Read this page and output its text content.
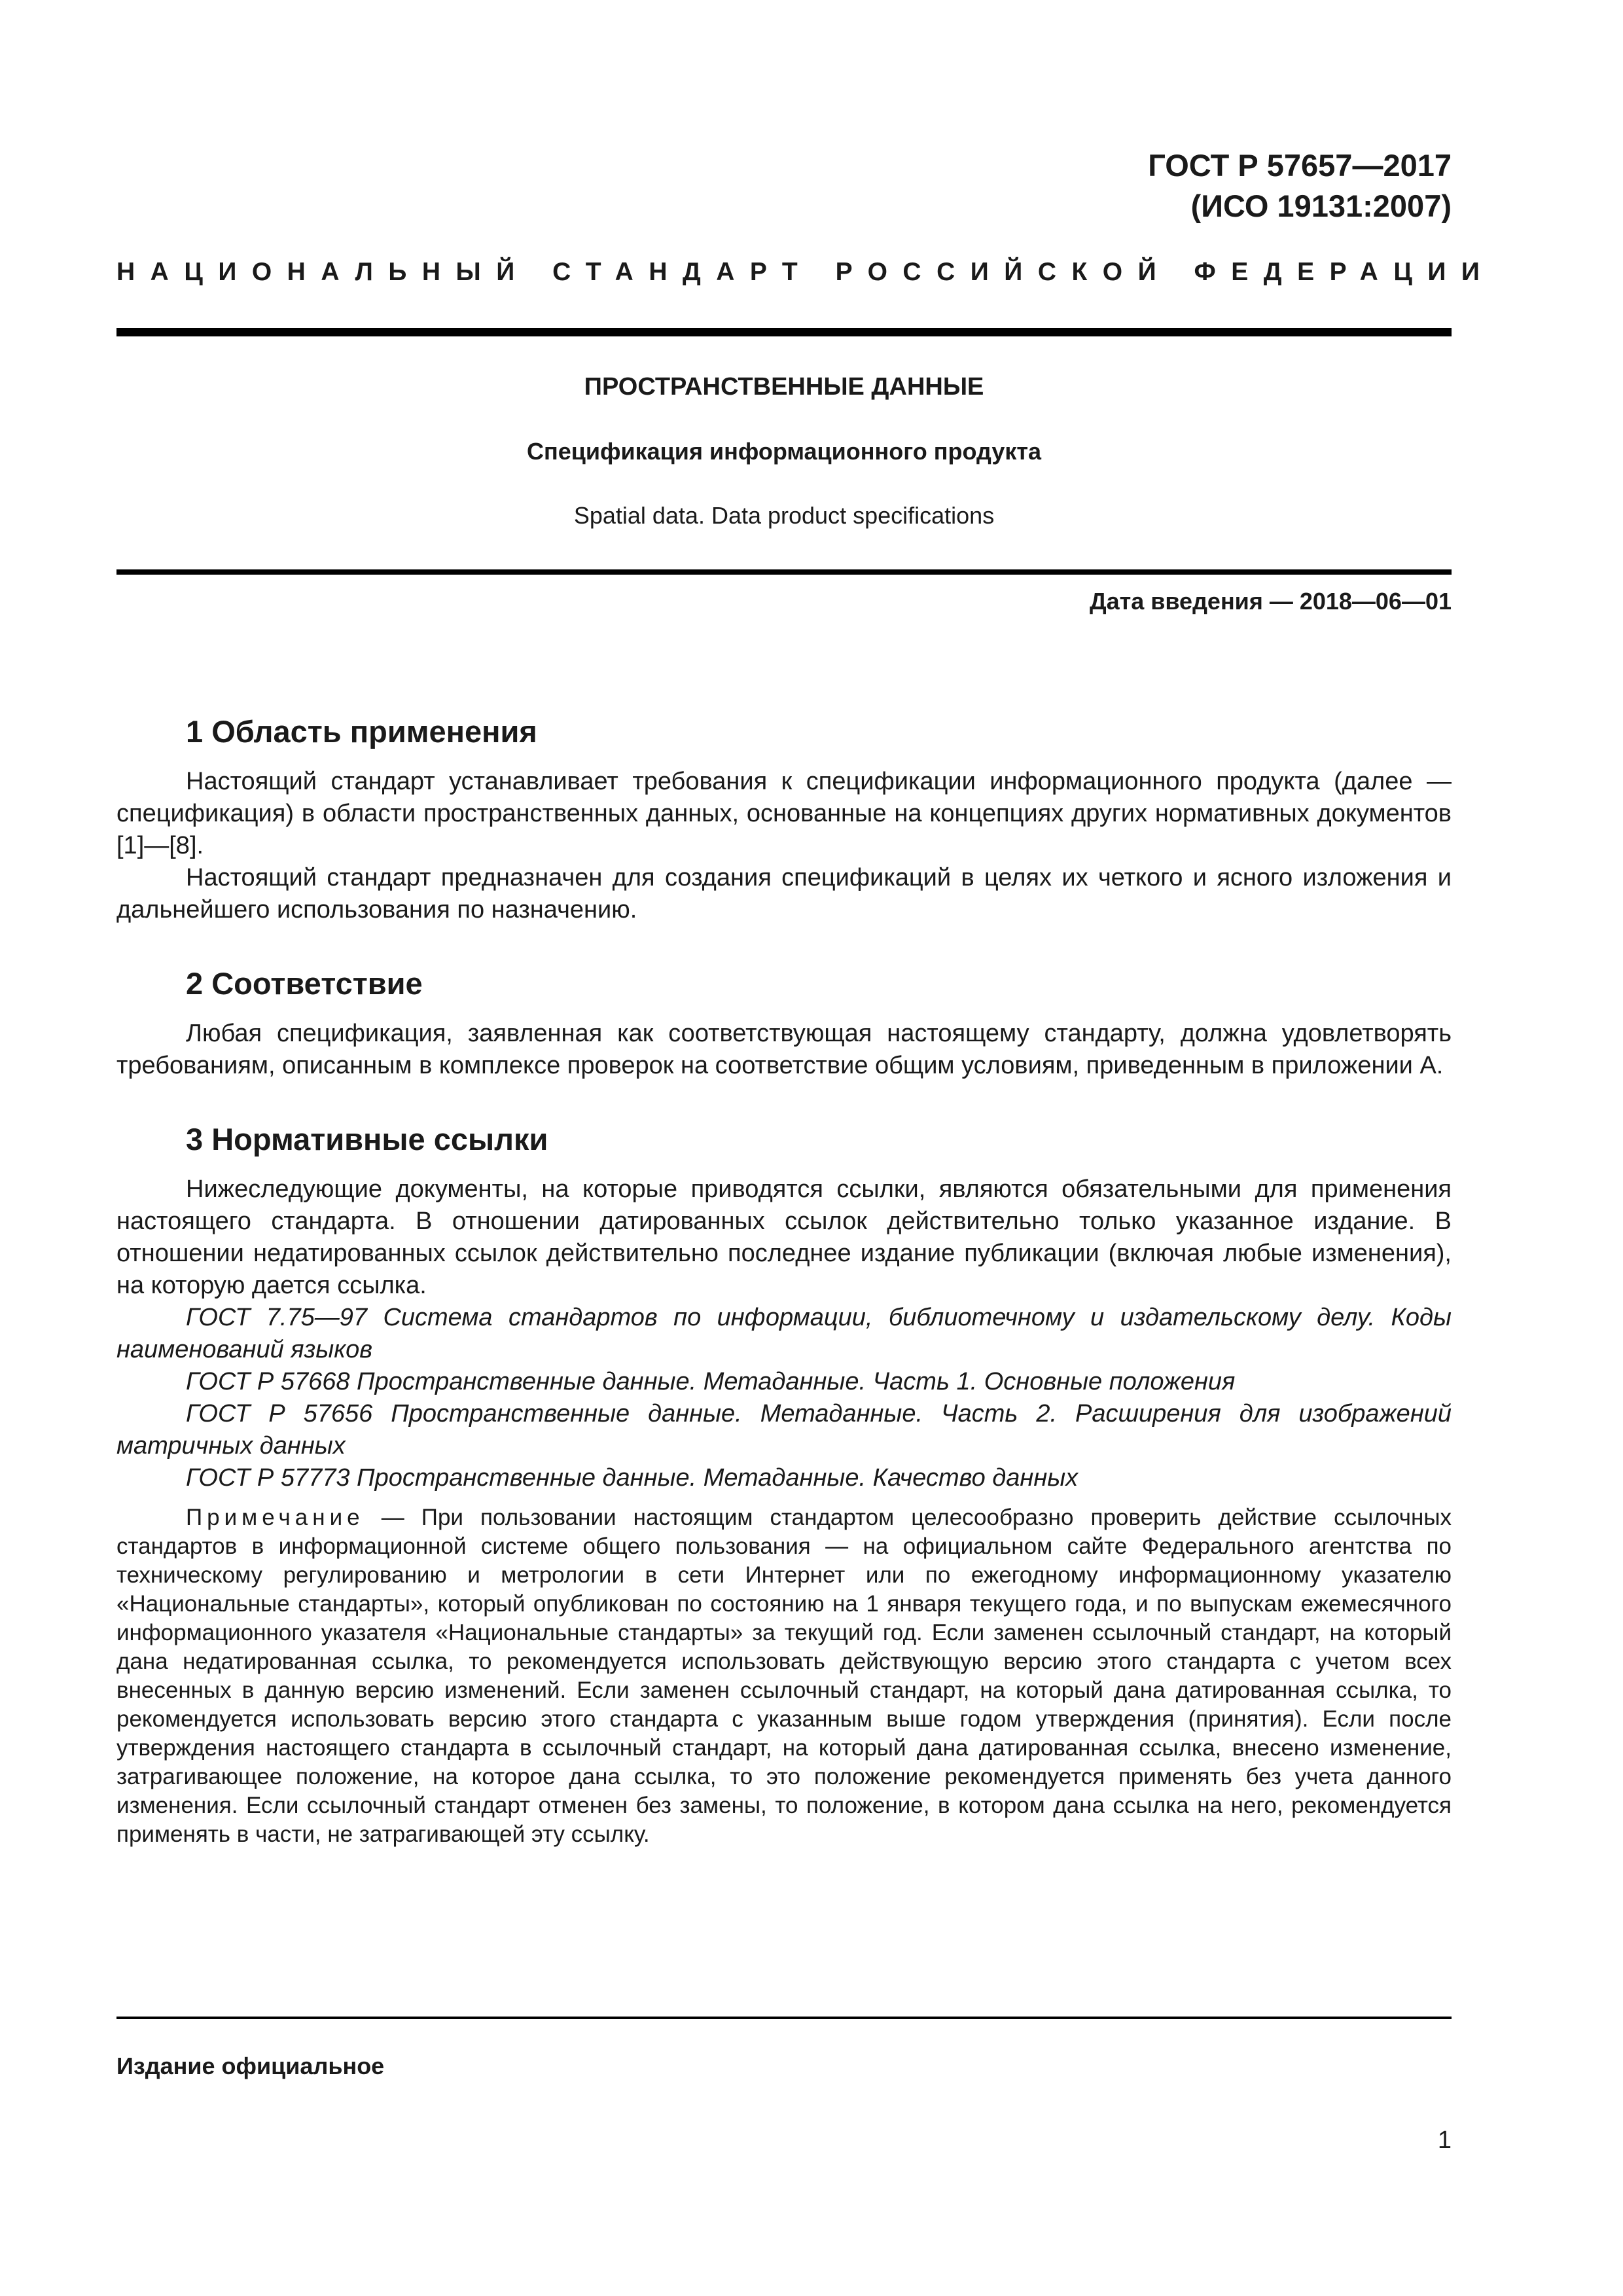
ГОСТ Р 57657—2017
(ИСО 19131:2007)
НАЦИОНАЛЬНЫЙ СТАНДАРТ РОССИЙСКОЙ ФЕДЕРАЦИИ
ПРОСТРАНСТВЕННЫЕ ДАННЫЕ
Спецификация информационного продукта
Spatial data. Data product specifications
Дата введения — 2018—06—01
1 Область применения

Настоящий стандарт устанавливает требования к спецификации информационного продукта (далее — спецификация) в области пространственных данных, основанные на концепциях других нормативных документов [1]—[8].

Настоящий стандарт предназначен для создания спецификаций в целях их четкого и ясного изложения и дальнейшего использования по назначению.

2 Соответствие

Любая спецификация, заявленная как соответствующая настоящему стандарту, должна удовлетворять требованиям, описанным в комплексе проверок на соответствие общим условиям, приведенным в приложении А.

3 Нормативные ссылки

Нижеследующие документы, на которые приводятся ссылки, являются обязательными для применения настоящего стандарта. В отношении датированных ссылок действительно только указанное издание. В отношении недатированных ссылок действительно последнее издание публикации (включая любые изменения), на которую дается ссылка.

ГОСТ 7.75—97 Система стандартов по информации, библиотечному и издательскому делу. Коды наименований языков

ГОСТ Р 57668 Пространственные данные. Метаданные. Часть 1. Основные положения

ГОСТ Р 57656 Пространственные данные. Метаданные. Часть 2. Расширения для изображений матричных данных

ГОСТ Р 57773 Пространственные данные. Метаданные. Качество данных

Примечание — При пользовании настоящим стандартом целесообразно проверить действие ссылочных стандартов в информационной системе общего пользования — на официальном сайте Федерального агентства по техническому регулированию и метрологии в сети Интернет или по ежегодному информационному указателю «Национальные стандарты», который опубликован по состоянию на 1 января текущего года, и по выпускам ежемесячного информационного указателя «Национальные стандарты» за текущий год. Если заменен ссылочный стандарт, на который дана недатированная ссылка, то рекомендуется использовать действующую версию этого стандарта с учетом всех внесенных в данную версию изменений. Если заменен ссылочный стандарт, на который дана датированная ссылка, то рекомендуется использовать версию этого стандарта с указанным выше годом утверждения (принятия). Если после утверждения настоящего стандарта в ссылочный стандарт, на который дана датированная ссылка, внесено изменение, затрагивающее положение, на которое дана ссылка, то это положение рекомендуется применять без учета данного изменения. Если ссылочный стандарт отменен без замены, то положение, в котором дана ссылка на него, рекомендуется применять в части, не затрагивающей эту ссылку.

Издание официальное
1
